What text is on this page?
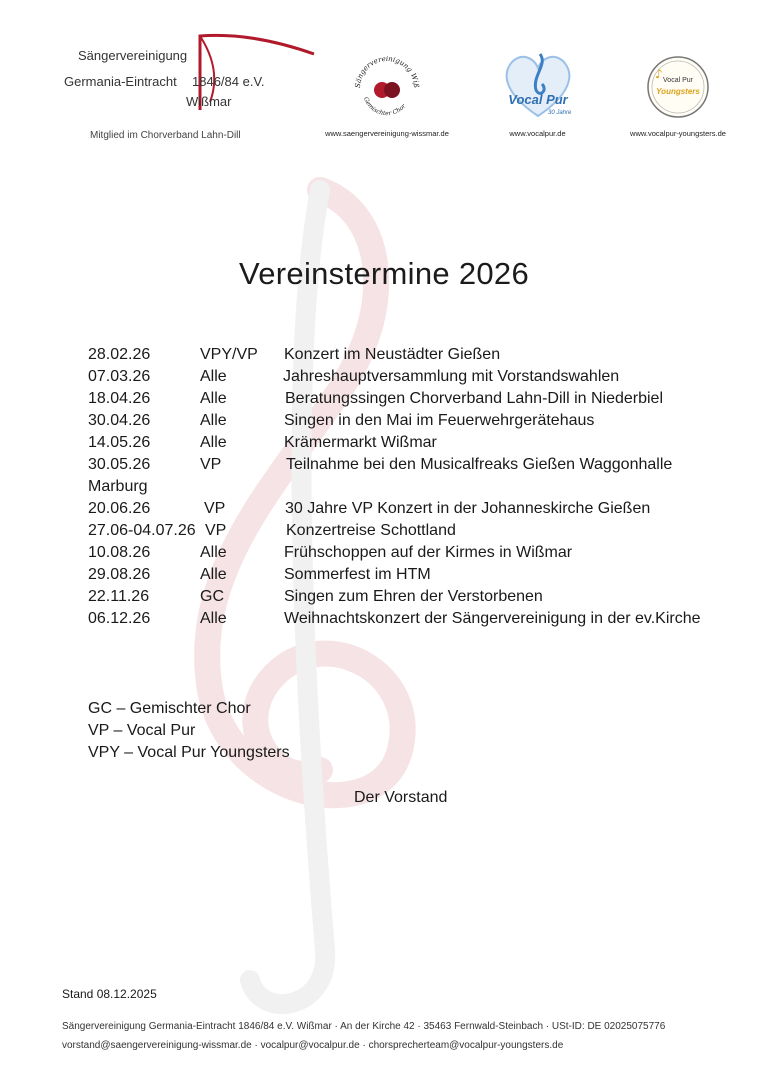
Sängervereinigung
Germania-Eintracht 1846/84 e.V.
Wißmar
Mitglied im Chorverband Lahn-Dill
Sängervereinigung Wiß
Gemischter Chor
www.saengervereinigung-wissmar.de
Vocal Pur
30 Jahre
www.vocalpur.de
♪ Vocal Pur
Youngsters
www.vocalpur-youngsters.de
Vereinstermine 2026
28.02.26	VPY/VP Konzert im Neustädter Gießen
07.03.26	Alle	Jahreshauptversammlung mit Vorstandswahlen
18.04.26	Alle	Beratungssingen Chorverband Lahn-Dill in Niederbiel
30.04.26	Alle	Singen in den Mai im Feuerwehrgerätehaus
14.05.26	Alle	Krämermarkt Wißmar
30.05.26	VP	Teilnahme bei den Musicalfreaks Gießen Waggonhalle
Marburg
20.06.26	VP	30 Jahre VP Konzert in der Johanneskirche Gießen
27.06-04.07.26 VP	Konzertreise Schottland
10.08.26	Alle	Frühschoppen auf der Kirmes in Wißmar
29.08.26	Alle	Sommerfest im HTM
22.11.26	GC	Singen zum Ehren der Verstorbenen
06.12.26	Alle	Weihnachtskonzert der Sängervereinigung in der ev.Kirche
GC – Gemischter Chor
VP – Vocal Pur
VPY – Vocal Pur Youngsters
Der Vorstand
Stand 08.12.2025
Sängervereinigung Germania-Eintracht 1846/84 e.V. Wißmar · An der Kirche 42 · 35463 Fernwald-Steinbach · USt-ID: DE 02025075776
vorstand@saengervereinigung-wissmar.de · vocalpur@vocalpur.de · chorsprecherteam@vocalpur-youngsters.de
